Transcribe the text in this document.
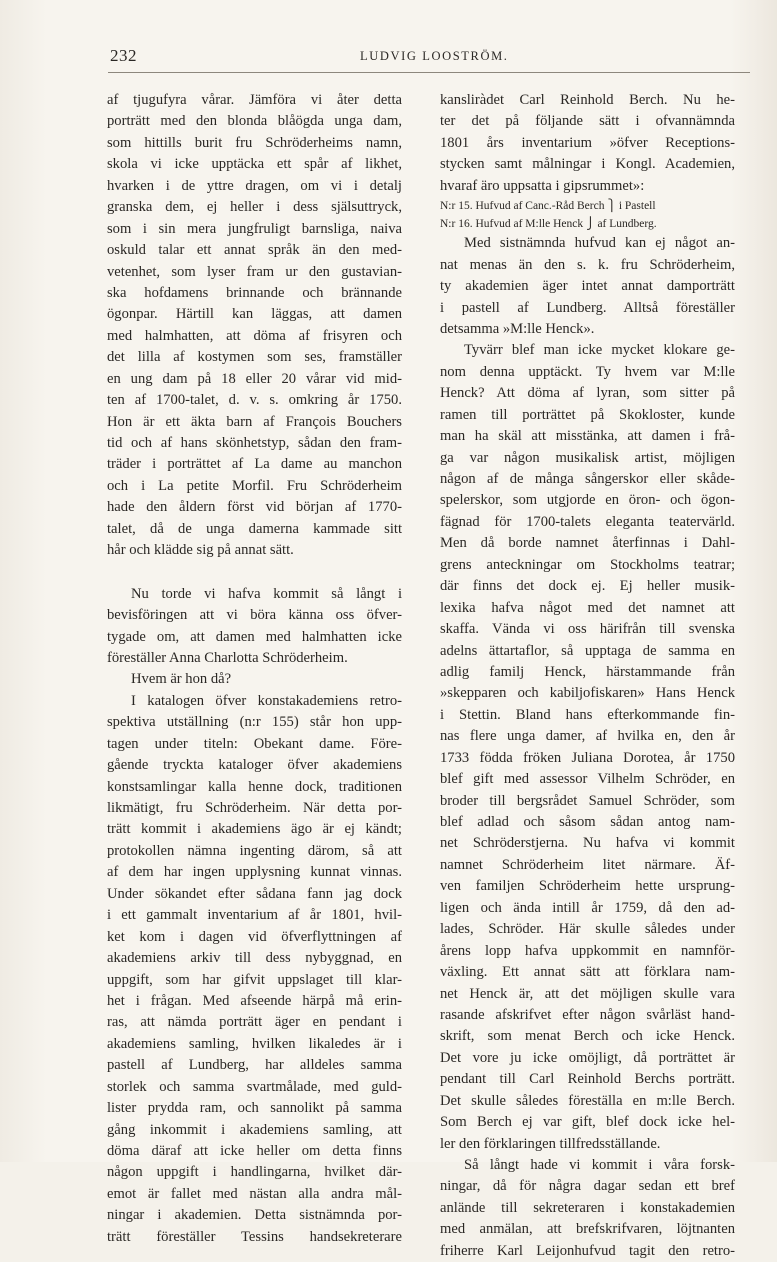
232	LUDVIG LOOSTRÖM.
af tjugufyra vårar. Jämföra vi åter detta
porträtt med den blonda blåögda unga dam,
som hittills burit fru Schröderheims namn,
skola vi icke upptäcka ett spår af likhet,
hvarken i de yttre dragen, om vi i detalj
granska dem, ej heller i dess själsuttryck,
som i sin mera jungfruligt barnsliga, naiva
oskuld talar ett annat språk än den med-
vetenhet, som lyser fram ur den gustavian-
ska hofdamens brinnande och brännande
ögonpar. Härtill kan läggas, att damen
med halmhatten, att döma af frisyren och
det lilla af kostymen som ses, framställer
en ung dam på 18 eller 20 vårar vid mid-
ten af 1700-talet, d. v. s. omkring år 1750.
Hon är ett äkta barn af François Bouchers
tid och af hans skönhetstyp, sådan den fram-
träder i porträttet af La dame au manchon
och i La petite Morfil. Fru Schröderheim
hade den åldern först vid början af 1770-
talet, då de unga damerna kammade sitt
hår och klädde sig på annat sätt.
Nu torde vi hafva kommit så långt i
bevisföringen att vi böra känna oss öfver-
tygade om, att damen med halmhatten icke
föreställer Anna Charlotta Schröderheim.
Hvem är hon då?
I katalogen öfver konstakademiens retro-
spektiva utställning (n:r 155) står hon upp-
tagen under titeln: Obekant dame. Före-
gående tryckta kataloger öfver akademiens
konstsamlingar kalla henne dock, traditionen
likmätigt, fru Schröderheim. När detta por-
trätt kommit i akademiens ägo är ej kändt;
protokollen nämna ingenting därom, så att
af dem har ingen upplysning kunnat vinnas.
Under sökandet efter sådana fann jag dock
i ett gammalt inventarium af år 1801, hvil-
ket kom i dagen vid öfverflyttningen af
akademiens arkiv till dess nybyggnad, en
uppgift, som har gifvit uppslaget till klar-
het i frågan. Med afseende härpå må erin-
ras, att nämda porträtt äger en pendant i
akademiens samling, hvilken likaledes är i
pastell af Lundberg, har alldeles samma
storlek och samma svartmålade, med guld-
lister prydda ram, och sannolikt på samma
gång inkommit i akademiens samling, att
döma däraf att icke heller om detta finns
någon uppgift i handlingarna, hvilket där-
emot är fallet med nästan alla andra mål-
ningar i akademien. Detta sistnämnda por-
trätt föreställer Tessins handsekreterare
kansliràdet Carl Reinhold Berch. Nu he-
ter det på följande sätt i ofvannämnda
1801 års inventarium »öfver Receptions-
stycken samt målningar i Kongl. Academien,
hvaraf äro uppsatta i gipsrummet»:
N:r 15. Hufvud af Canc.-Råd Berch ⎫ i Pastell
N:r 16. Hufvud af M:lle Henck ⎭ af Lundberg.
Med sistnämnda hufvud kan ej något an-
nat menas än den s. k. fru Schröderheim,
ty akademien äger intet annat damporträtt
i pastell af Lundberg. Alltså föreställer
detsamma »M:lle Henck».
Tyvärr blef man icke mycket klokare ge-
nom denna upptäckt. Ty hvem var M:lle
Henck? Att döma af lyran, som sitter på
ramen till porträttet på Skokloster, kunde
man ha skäl att misstänka, att damen i frå-
ga var någon musikalisk artist, möjligen
någon af de många sångerskor eller skåde-
spelerskor, som utgjorde en öron- och ögon-
fägnad för 1700-talets eleganta teatervärld.
Men då borde namnet återfinnas i Dahl-
grens anteckningar om Stockholms teatrar;
där finns det dock ej. Ej heller musik-
lexika hafva något med det namnet att
skaffa. Vända vi oss härifrån till svenska
adelns ättartaflor, så upptaga de samma en
adlig familj Henck, härstammande från
»skepparen och kabiljofiskaren» Hans Henck
i Stettin. Bland hans efterkommande fin-
nas flere unga damer, af hvilka en, den år
1733 födda fröken Juliana Dorotea, år 1750
blef gift med assessor Vilhelm Schröder, en
broder till bergsrådet Samuel Schröder, som
blef adlad och såsom sådan antog nam-
net Schröderstjerna. Nu hafva vi kommit
namnet Schröderheim litet närmare. Äf-
ven familjen Schröderheim hette ursprung-
ligen och ända intill år 1759, då den ad-
lades, Schröder. Här skulle således under
årens lopp hafva uppkommit en namnför-
växling. Ett annat sätt att förklara nam-
net Henck är, att det möjligen skulle vara
rasande afskrifvet efter någon svårläst hand-
skrift, som menat Berch och icke Henck.
Det vore ju icke omöjligt, då porträttet är
pendant till Carl Reinhold Berchs porträtt.
Det skulle således föreställa en m:lle Berch.
Som Berch ej var gift, blef dock icke hel-
ler den förklaringen tillfredsställande.
Så långt hade vi kommit i våra forsk-
ningar, då för några dagar sedan ett bref
anlände till sekreteraren i konstakademien
med anmälan, att brefskrifvaren, löjtnanten
friherre Karl Leijonhufvud tagit den retro-
